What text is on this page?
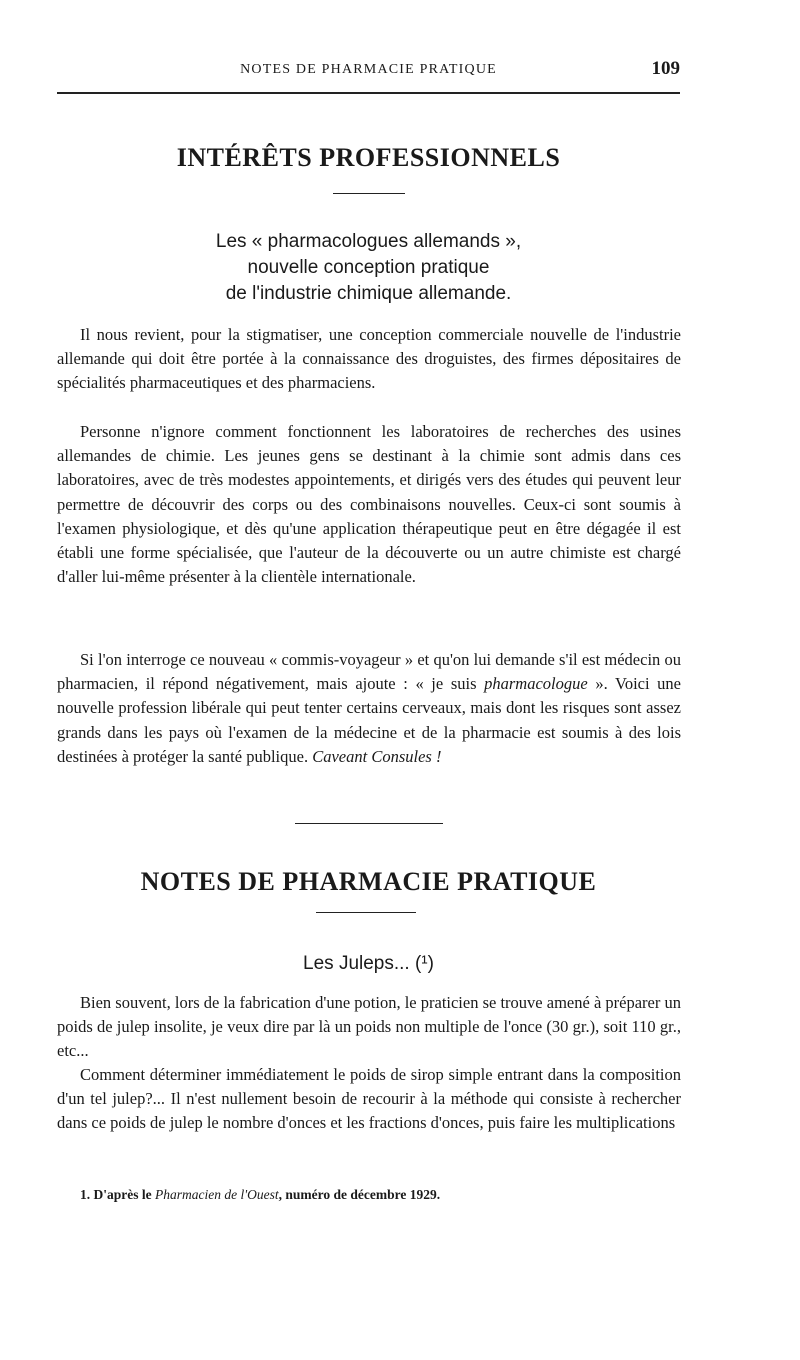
NOTES DE PHARMACIE PRATIQUE	109
INTÉRÊTS PROFESSIONNELS
Les « pharmacologues allemands »,
nouvelle conception pratique
de l'industrie chimique allemande.

Il nous revient, pour la stigmatiser, une conception commerciale nouvelle de l'industrie allemande qui doit être portée à la connaissance des droguistes, des firmes dépositaires de spécialités pharmaceutiques et des pharmaciens.

Personne n'ignore comment fonctionnent les laboratoires de recherches des usines allemandes de chimie. Les jeunes gens se destinant à la chimie sont admis dans ces laboratoires, avec de très modestes appointements, et dirigés vers des études qui peuvent leur permettre de découvrir des corps ou des combinaisons nouvelles. Ceux-ci sont soumis à l'examen physiologique, et dès qu'une application thérapeutique peut en être dégagée il est établi une forme spécialisée, que l'auteur de la découverte ou un autre chimiste est chargé d'aller lui-même présenter à la clientèle internationale.

Si l'on interroge ce nouveau « commis-voyageur » et qu'on lui demande s'il est médecin ou pharmacien, il répond négativement, mais ajoute : « je suis pharmacologue ». Voici une nouvelle profession libérale qui peut tenter certains cerveaux, mais dont les risques sont assez grands dans les pays où l'examen de la médecine et de la pharmacie est soumis à des lois destinées à protéger la santé publique. Caveant Consules !

NOTES DE PHARMACIE PRATIQUE
Les Juleps... (¹)

Bien souvent, lors de la fabrication d'une potion, le praticien se trouve amené à préparer un poids de julep insolite, je veux dire par là un poids non multiple de l'once (30 gr.), soit 110 gr., etc...

Comment déterminer immédiatement le poids de sirop simple entrant dans la composition d'un tel julep?... Il n'est nullement besoin de recourir à la méthode qui consiste à rechercher dans ce poids de julep le nombre d'onces et les fractions d'onces, puis faire les multiplications

1. D'après le Pharmacien de l'Ouest, numéro de décembre 1929.
